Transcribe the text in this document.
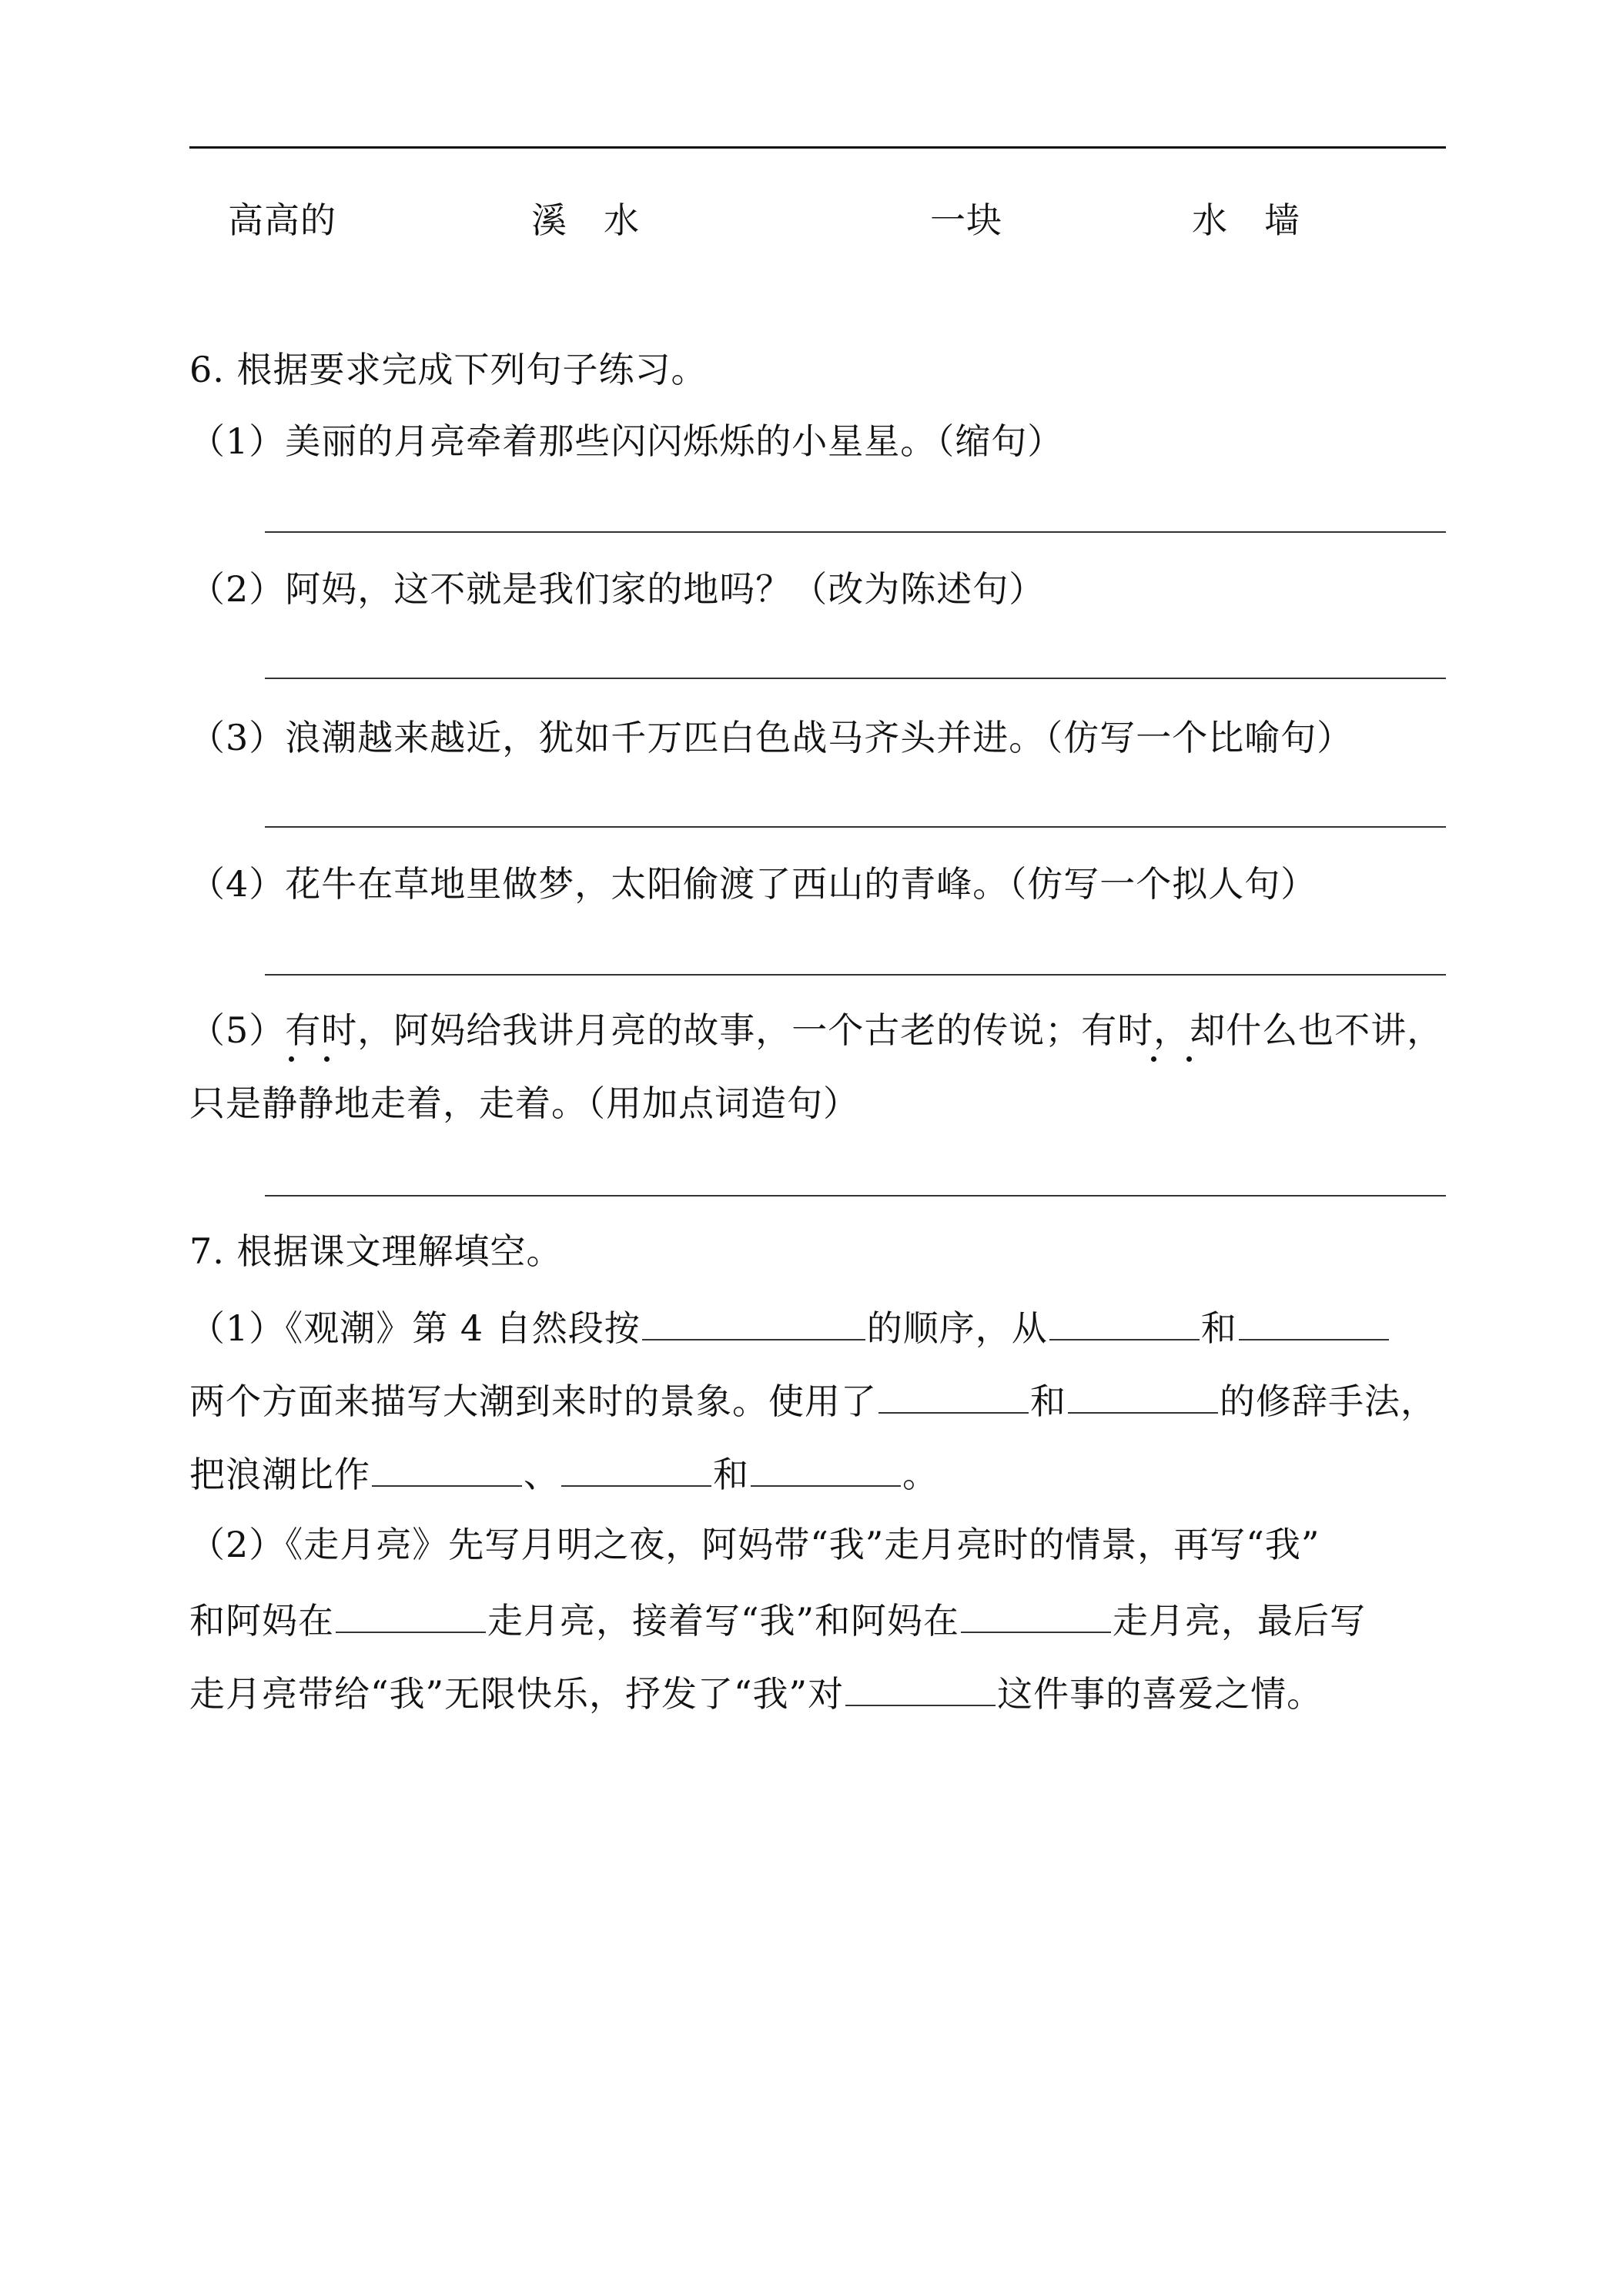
高高的	溪　水	一块	水　墙
6. 根据要求完成下列句子练习。
（1）美丽的月亮牵着那些闪闪烁烁的小星星。（缩句）
（2）阿妈，这不就是我们家的地吗？（改为陈述句）
（3）浪潮越来越近，犹如千万匹白色战马齐头并进。（仿写一个比喻句）
（4）花牛在草地里做梦，太阳偷渡了西山的青峰。（仿写一个拟人句）
（5）有时，阿妈给我讲月亮的故事，一个古老的传说；有时，却什么也不讲，
只是静静地走着，走着。（用加点词造句）
7. 根据课文理解填空。
（1）《观潮》第 4 自然段按	的顺序，从	和
两个方面来描写大潮到来时的景象。使用了	和	的修辞手法，
把浪潮比作	、	和	。
（2）《走月亮》先写月明之夜，阿妈带“我”走月亮时的情景，再写“我”
和阿妈在	走月亮，接着写“我”和阿妈在	走月亮，最后写
走月亮带给“我”无限快乐，抒发了“我”对	这件事的喜爱之情。
